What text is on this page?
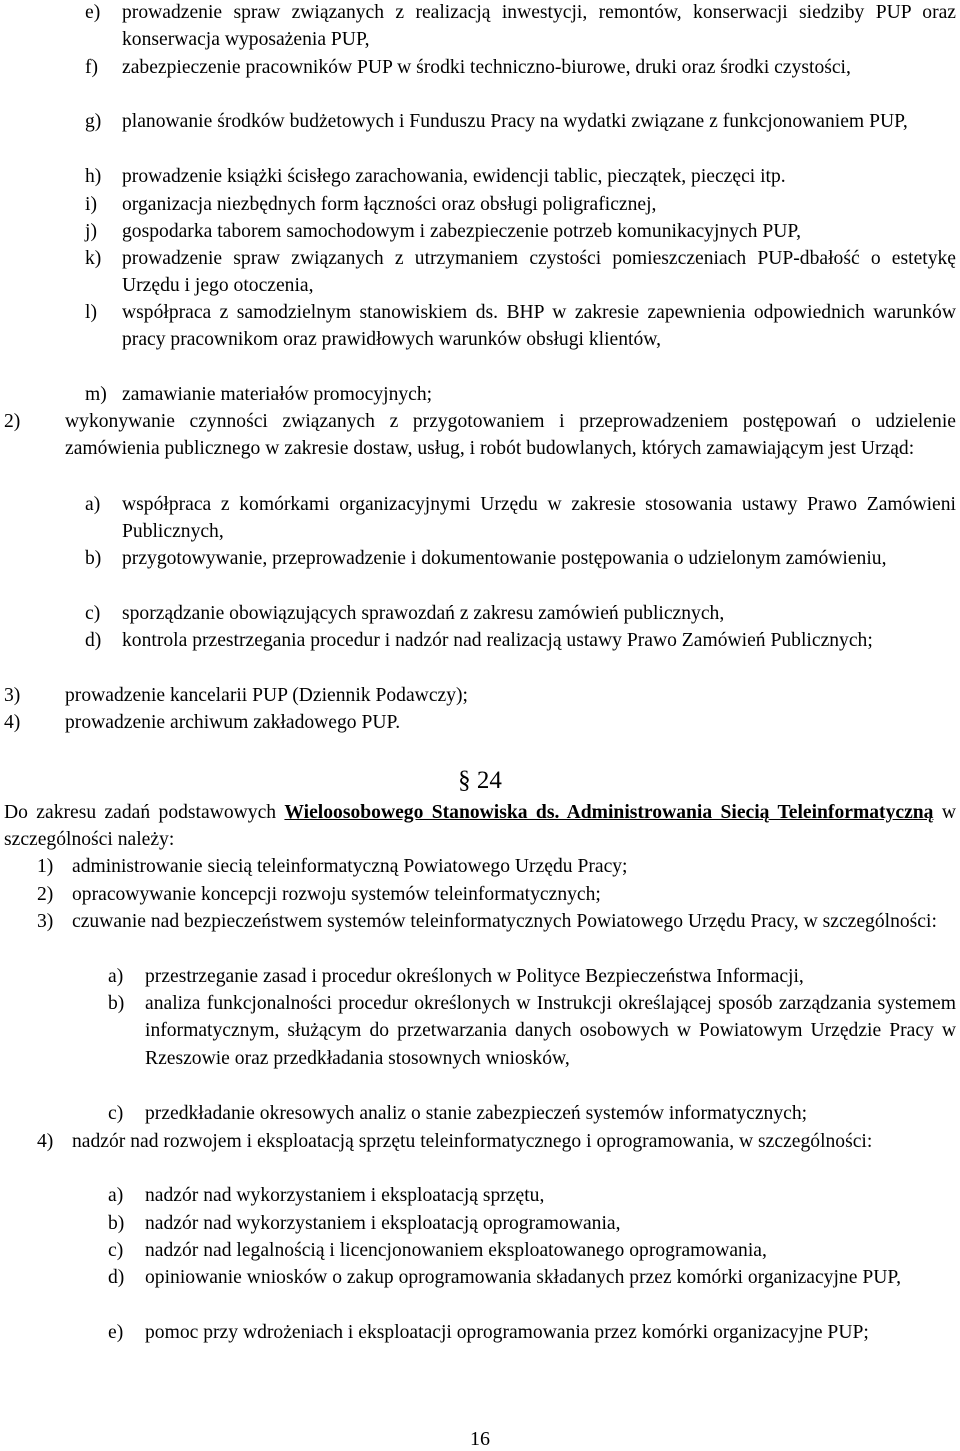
e) prowadzenie spraw związanych z realizacją inwestycji, remontów, konserwacji siedziby PUP oraz konserwacja wyposażenia PUP,
f) zabezpieczenie pracowników PUP w środki techniczno-biurowe, druki oraz środki czystości,
g) planowanie środków budżetowych i Funduszu Pracy na wydatki związane z funkcjonowaniem PUP,
h) prowadzenie książki ścisłego zarachowania, ewidencji tablic, pieczątek, pieczęci itp.
i) organizacja niezbędnych form łączności oraz obsługi poligraficznej,
j) gospodarka taborem samochodowym i zabezpieczenie potrzeb komunikacyjnych PUP,
k) prowadzenie spraw związanych z utrzymaniem czystości pomieszczeniach PUP-dbałość o estetykę Urzędu i jego otoczenia,
l) współpraca z samodzielnym stanowiskiem ds. BHP w zakresie zapewnienia odpowiednich warunków pracy pracownikom oraz prawidłowych warunków obsługi klientów,
m) zamawianie materiałów promocyjnych;
2) wykonywanie czynności związanych z przygotowaniem i przeprowadzeniem postępowań o udzielenie zamówienia publicznego w zakresie dostaw, usług, i robót budowlanych, których zamawiającym jest Urząd:
a) współpraca z komórkami organizacyjnymi Urzędu w zakresie stosowania ustawy Prawo Zamówieni Publicznych,
b) przygotowywanie, przeprowadzenie i dokumentowanie postępowania o udzielonym zamówieniu,
c) sporządzanie obowiązujących sprawozdań z zakresu zamówień publicznych,
d) kontrola przestrzegania procedur i nadzór nad realizacją ustawy Prawo Zamówień Publicznych;
3) prowadzenie kancelarii PUP (Dziennik Podawczy);
4) prowadzenie archiwum zakładowego PUP.
§ 24
Do zakresu zadań podstawowych Wieloosobowego Stanowiska ds. Administrowania Siecią Teleinformatyczną w szczególności należy:
1) administrowanie siecią teleinformatyczną Powiatowego Urzędu Pracy;
2) opracowywanie koncepcji rozwoju systemów teleinformatycznych;
3) czuwanie nad bezpieczeństwem systemów teleinformatycznych Powiatowego Urzędu Pracy, w szczególności:
a) przestrzeganie zasad i procedur określonych w Polityce Bezpieczeństwa Informacji,
b) analiza funkcjonalności procedur określonych w Instrukcji określającej sposób zarządzania systemem informatycznym, służącym do przetwarzania danych osobowych w Powiatowym Urzędzie Pracy w Rzeszowie oraz przedkładania stosownych wniosków,
c) przedkładanie okresowych analiz o stanie zabezpieczeń systemów informatycznych;
4) nadzór nad rozwojem i eksploatacją sprzętu teleinformatycznego i oprogramowania, w szczególności:
a) nadzór nad wykorzystaniem i eksploatacją sprzętu,
b) nadzór nad wykorzystaniem i eksploatacją oprogramowania,
c) nadzór nad legalnością i licencjonowaniem eksploatowanego oprogramowania,
d) opiniowanie wniosków o zakup oprogramowania składanych przez komórki organizacyjne PUP,
e) pomoc przy wdrożeniach i eksploatacji oprogramowania przez komórki organizacyjne PUP;
16
